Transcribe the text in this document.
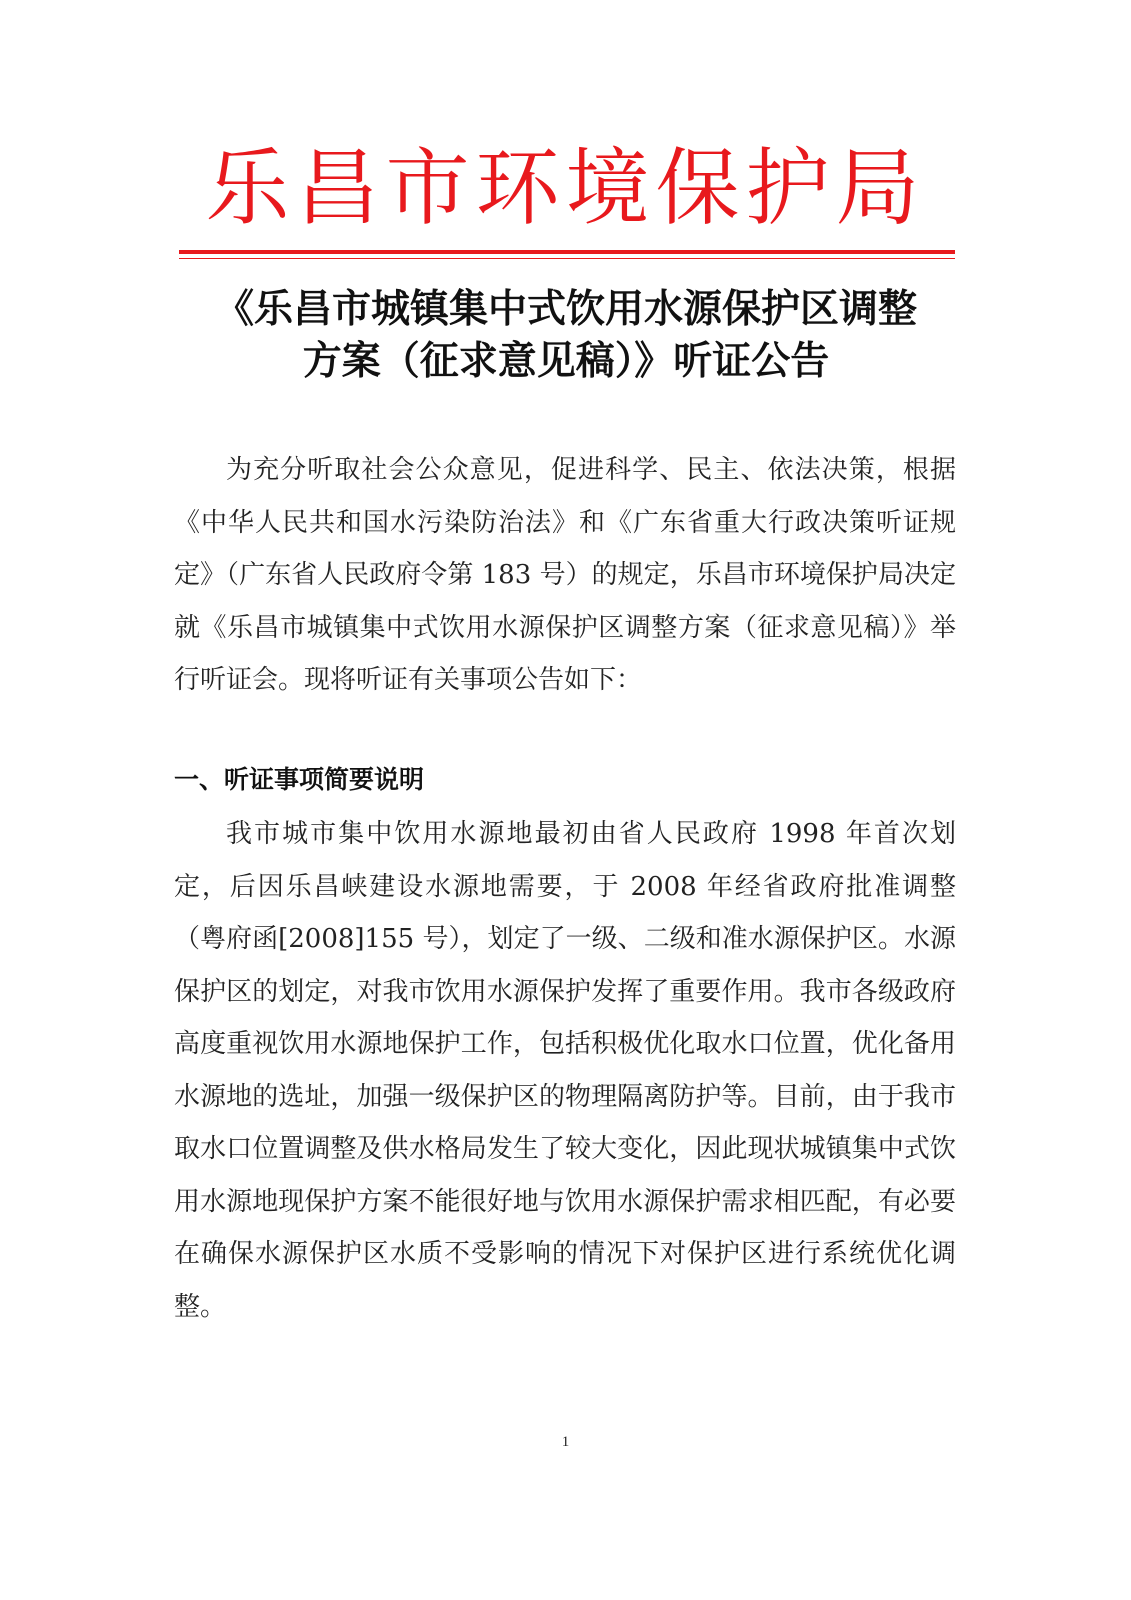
乐昌市环境保护局
《乐昌市城镇集中式饮用水源保护区调整
方案（征求意见稿）》听证公告

为充分听取社会公众意见，促进科学、民主、依法决策，根据《中华人民共和国水污染防治法》和《广东省重大行政决策听证规定》（广东省人民政府令第 183 号）的规定，乐昌市环境保护局决定就《乐昌市城镇集中式饮用水源保护区调整方案（征求意见稿）》举行听证会。现将听证有关事项公告如下：

一、听证事项简要说明

我市城市集中饮用水源地最初由省人民政府 1998 年首次划定，后因乐昌峡建设水源地需要，于 2008 年经省政府批准调整（粤府函[2008]155 号），划定了一级、二级和准水源保护区。水源保护区的划定，对我市饮用水源保护发挥了重要作用。我市各级政府高度重视饮用水源地保护工作，包括积极优化取水口位置，优化备用水源地的选址，加强一级保护区的物理隔离防护等。目前，由于我市取水口位置调整及供水格局发生了较大变化，因此现状城镇集中式饮用水源地现保护方案不能很好地与饮用水源保护需求相匹配，有必要在确保水源保护区水质不受影响的情况下对保护区进行系统优化调整。

1
